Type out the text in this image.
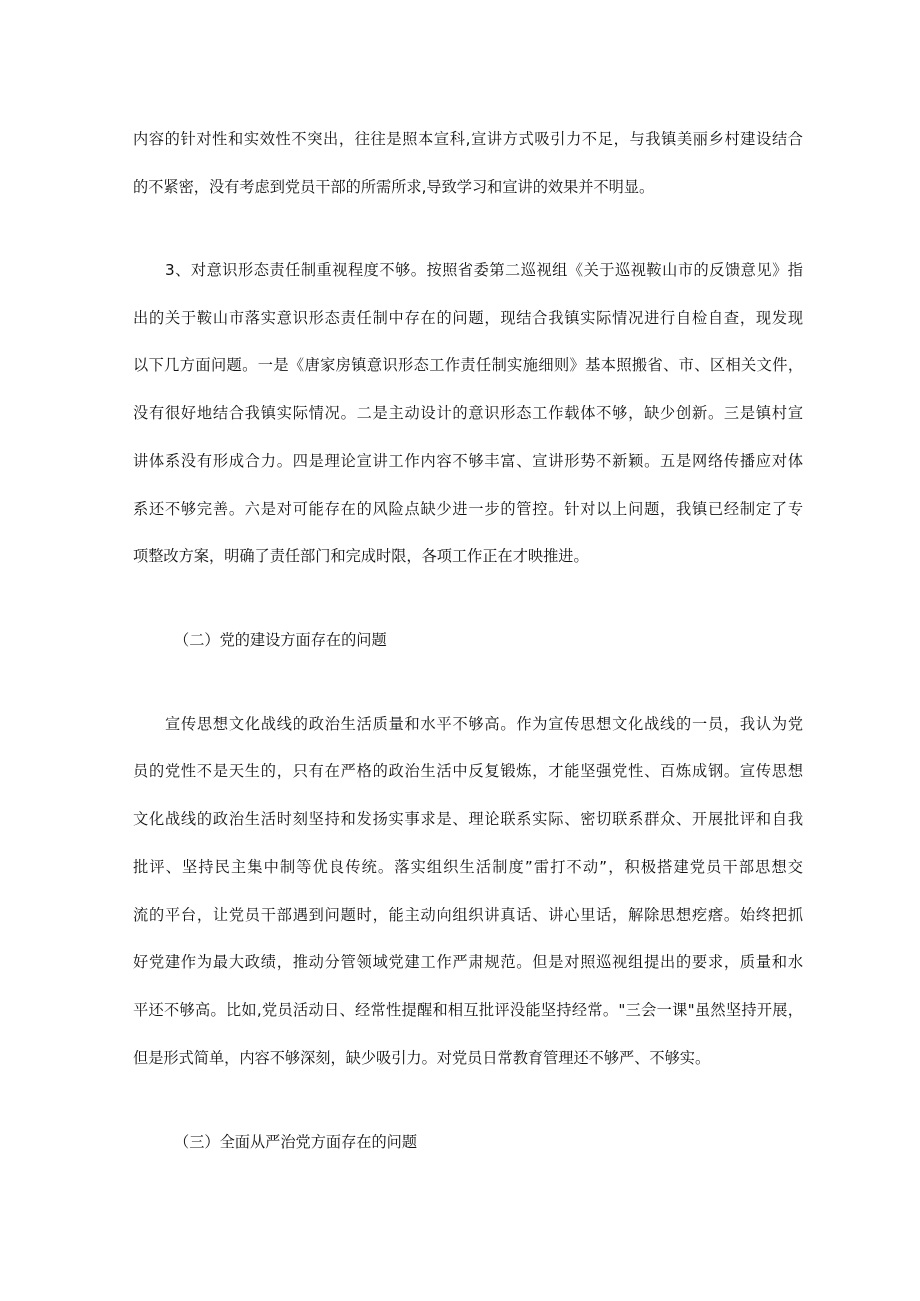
内容的针对性和实效性不突出，往往是照本宣科,宣讲方式吸引力不足，与我镇美丽乡村建设结合
的不紧密，没有考虑到党员干部的所需所求,导致学习和宣讲的效果并不明显。
3、对意识形态责任制重视程度不够。按照省委第二巡视组《关于巡视鞍山市的反馈意见》指
出的关于鞍山市落实意识形态责任制中存在的问题，现结合我镇实际情况进行自检自查，现发现
以下几方面问题。一是《唐家房镇意识形态工作责任制实施细则》基本照搬省、市、区相关文件，
没有很好地结合我镇实际情况。二是主动设计的意识形态工作载体不够，缺少创新。三是镇村宣
讲体系没有形成合力。四是理论宣讲工作内容不够丰富、宣讲形势不新颖。五是网络传播应对体
系还不够完善。六是对可能存在的风险点缺少进一步的管控。针对以上问题，我镇已经制定了专
项整改方案，明确了责任部门和完成时限，各项工作正在才映推进。
（二）党的建设方面存在的问题
宣传思想文化战线的政治生活质量和水平不够高。作为宣传思想文化战线的一员，我认为党
员的党性不是天生的，只有在严格的政治生活中反复锻炼，才能坚强党性、百炼成钢。宣传思想
文化战线的政治生活时刻坚持和发扬实事求是、理论联系实际、密切联系群众、开展批评和自我
批评、坚持民主集中制等优良传统。落实组织生活制度”雷打不动”，积极搭建党员干部思想交
流的平台，让党员干部遇到问题时，能主动向组织讲真话、讲心里话，解除思想疙瘩。始终把抓
好党建作为最大政绩，推动分管领域党建工作严肃规范。但是对照巡视组提出的要求，质量和水
平还不够高。比如,党员活动日、经常性提醒和相互批评没能坚持经常。"三会一课"虽然坚持开展，
但是形式简单，内容不够深刻，缺少吸引力。对党员日常教育管理还不够严、不够实。
（三）全面从严治党方面存在的问题
